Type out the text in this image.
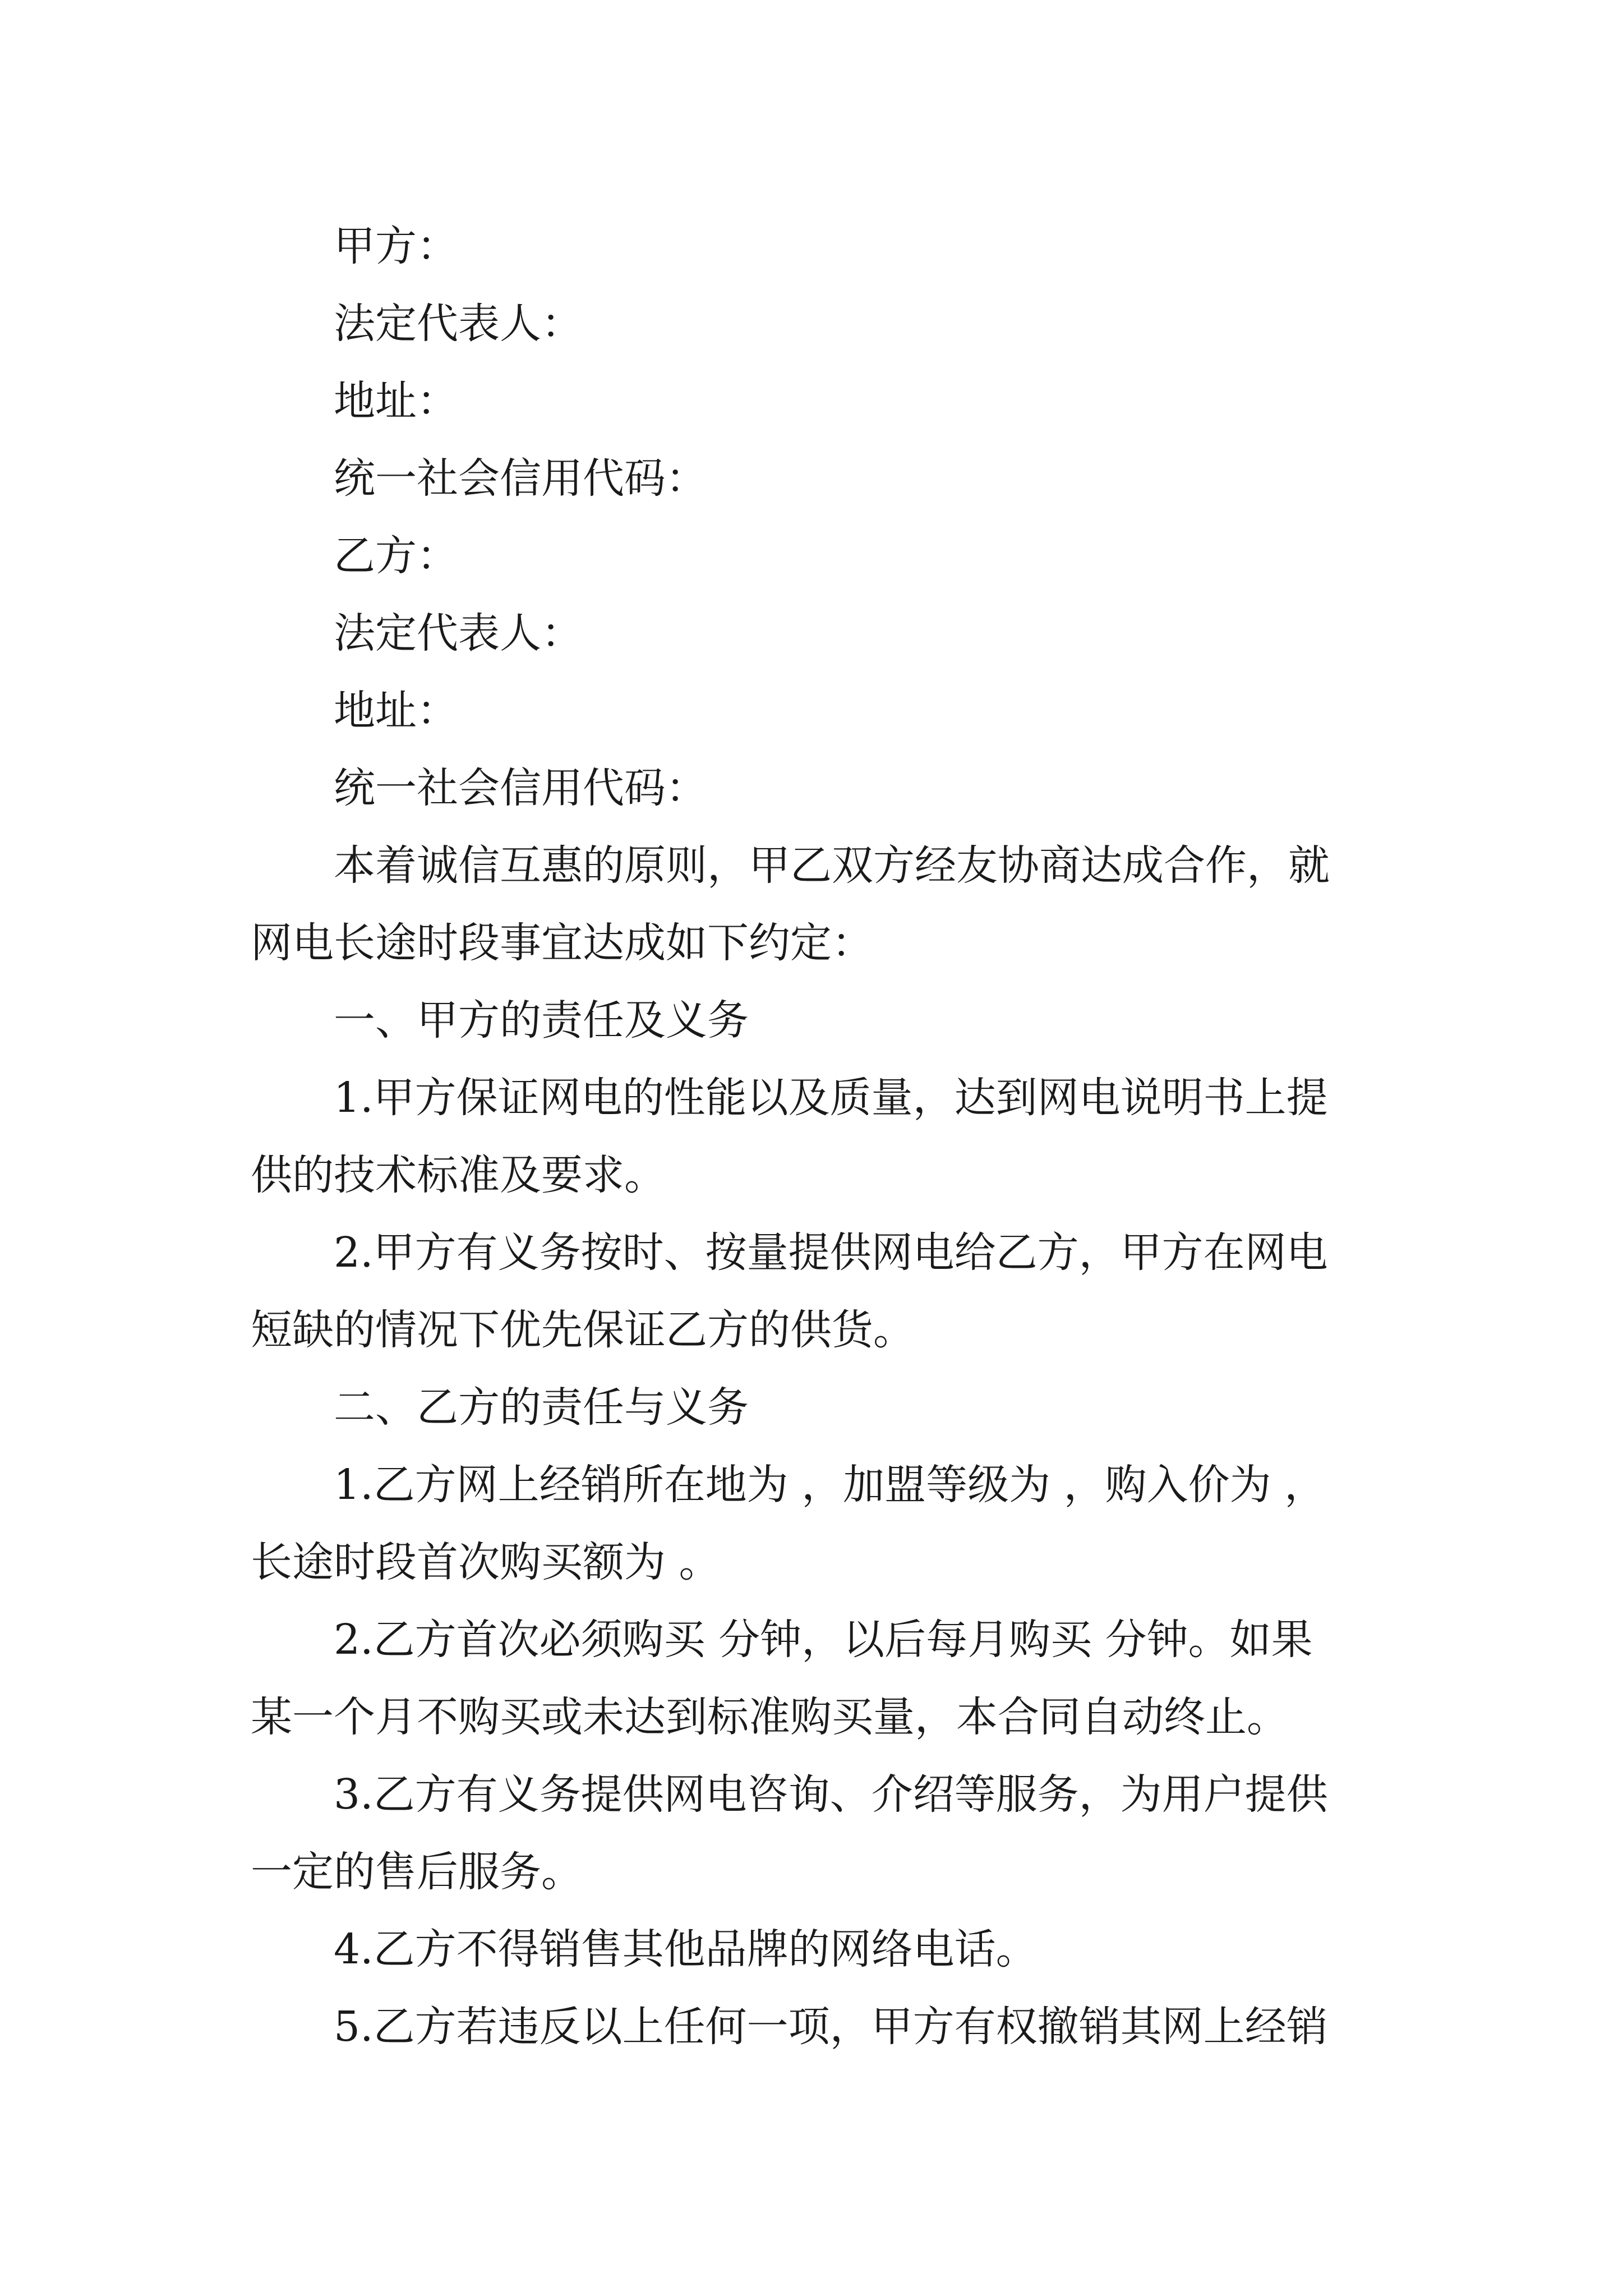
甲方：

法定代表人：

地址：

统一社会信用代码：

乙方：

法定代表人：

地址：

统一社会信用代码：

本着诚信互惠的原则，甲乙双方经友协商达成合作，就

网电长途时段事宜达成如下约定：

一、甲方的责任及义务

1.甲方保证网电的性能以及质量，达到网电说明书上提

供的技术标准及要求。

2.甲方有义务按时、按量提供网电给乙方，甲方在网电

短缺的情况下优先保证乙方的供货。

二、乙方的责任与义务

1.乙方网上经销所在地为 ，加盟等级为 ，购入价为 ，

长途时段首次购买额为 。

2.乙方首次必须购买 分钟，以后每月购买 分钟。如果

某一个月不购买或未达到标准购买量，本合同自动终止。

3.乙方有义务提供网电咨询、介绍等服务，为用户提供

一定的售后服务。

4.乙方不得销售其他品牌的网络电话。

5.乙方若违反以上任何一项，甲方有权撤销其网上经销
